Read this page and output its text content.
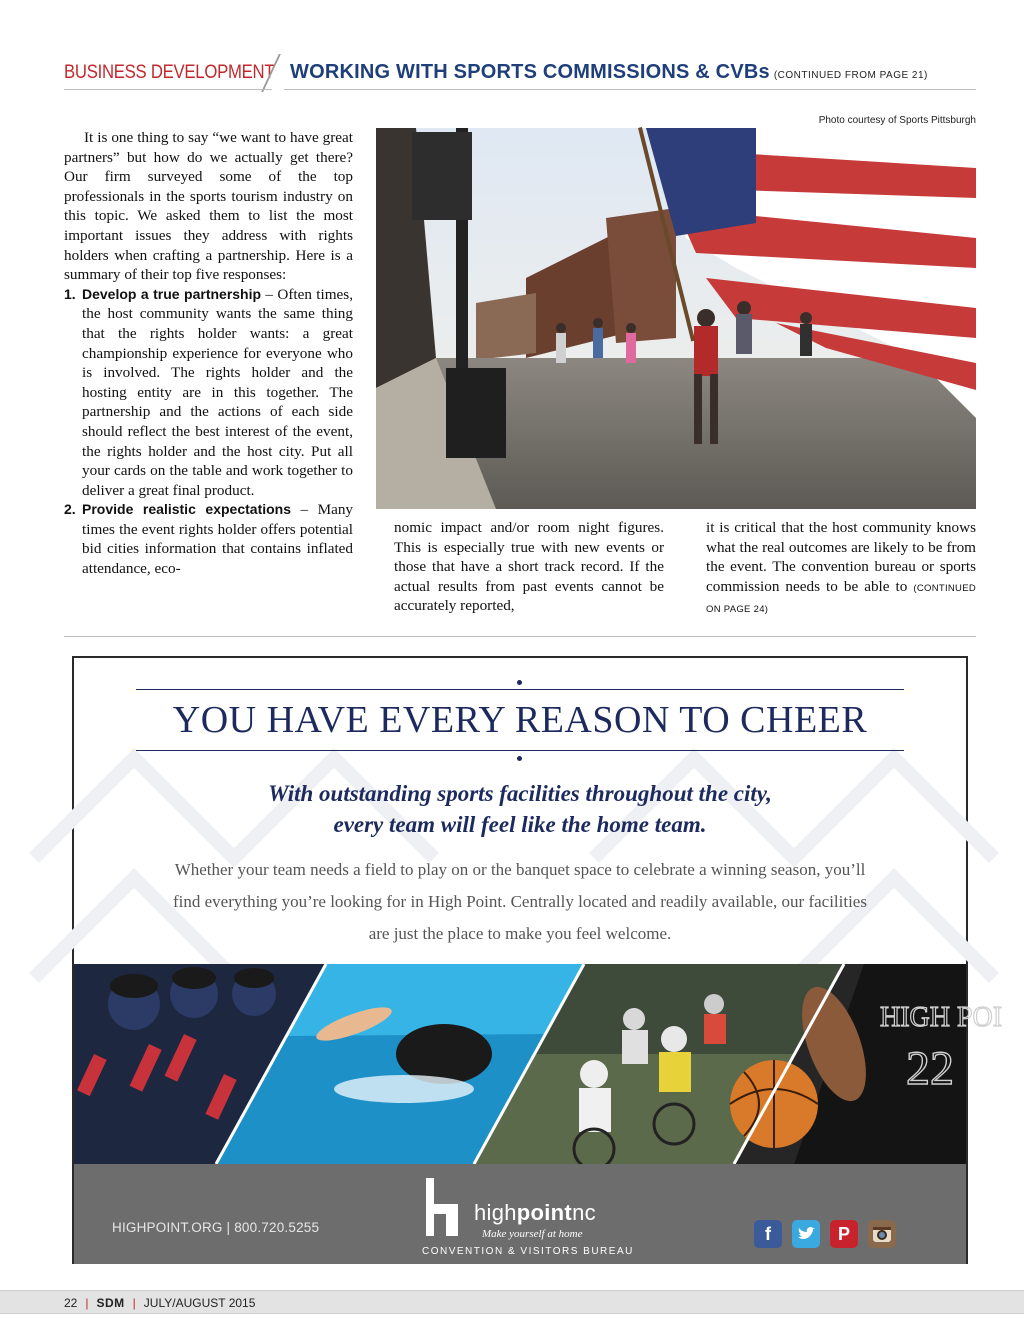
BUSINESS DEVELOPMENT WORKING WITH SPORTS COMMISSIONS & CVBs (CONTINUED FROM PAGE 21)
Photo courtesy of Sports Pittsburgh

It is one thing to say “we want to have great partners” but how do we actually get there? Our firm surveyed some of the top professionals in the sports tourism industry on this topic. We asked them to list the most important issues they address with rights holders when crafting a partnership. Here is a summary of their top five responses:

1. Develop a true partnership – Often times, the host community wants the same thing that the rights holder wants: a great championship experience for everyone who is involved. The rights holder and the hosting entity are in this together. The partnership and the actions of each side should reflect the best interest of the event, the rights holder and the host city. Put all your cards on the table and work together to deliver a great final product.
2. Provide realistic expectations – Many times the event rights holder offers potential bid cities information that contains inflated attendance, eco-
nomic impact and/or room night figures. This is especially true with new events or those that have a short track record. If the actual results from past events cannot be accurately reported,
it is critical that the host community knows what the real outcomes are likely to be from the event. The convention bureau or sports commission needs to be able to (CONTINUED ON PAGE 24)
YOU HAVE EVERY REASON TO CHEER
With outstanding sports facilities throughout the city,
every team will feel like the home team.
Whether your team needs a field to play on or the banquet space to celebrate a winning season, you’ll find everything you’re looking for in High Point. Centrally located and readily available, our facilities are just the place to make you feel welcome.
HIGH POI
22
HIGHPOINT.ORG | 800.720.5255
highpointnc
Make yourself at home
CONVENTION & VISITORS BUREAU
f	P
22 | SDM | JULY/AUGUST 2015
